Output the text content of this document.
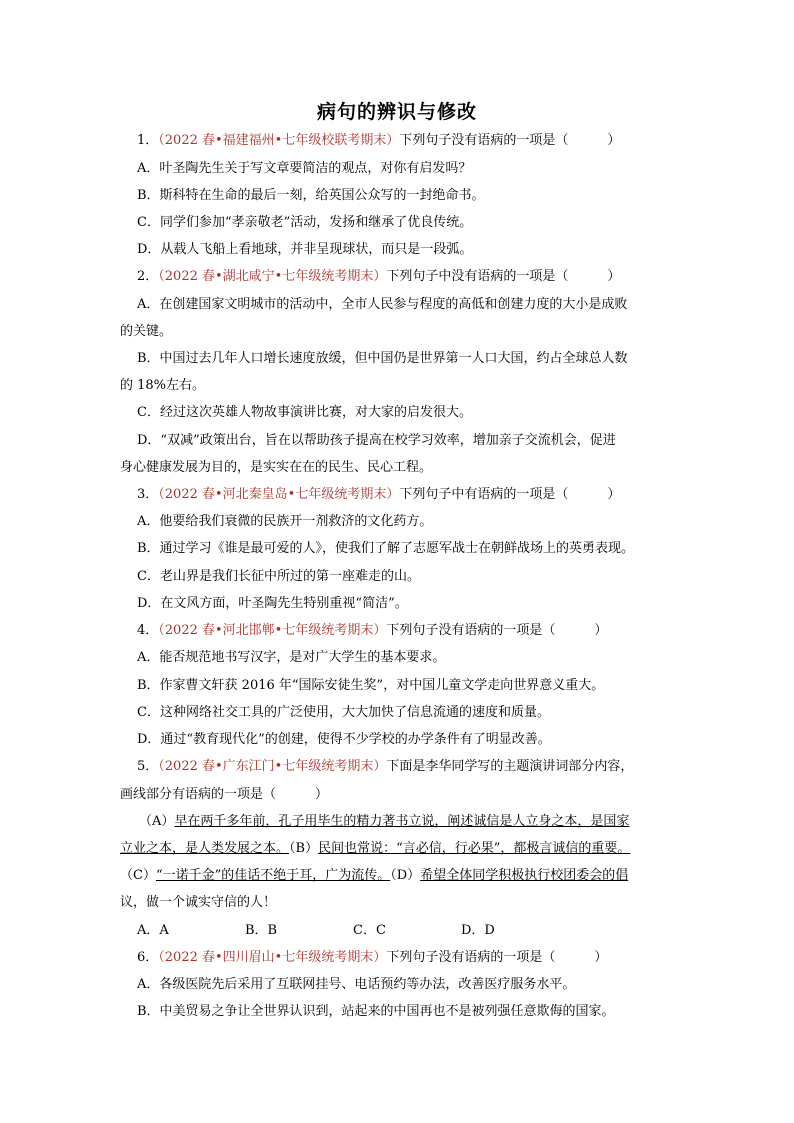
病句的辨识与修改
1．（2022 春•福建福州•七年级校联考期末）下列句子没有语病的一项是（　　　）
A．叶圣陶先生关于写文章要简洁的观点，对你有启发吗？
B．斯科特在生命的最后一刻，给英国公众写的一封绝命书。
C．同学们参加“孝亲敬老”活动，发扬和继承了优良传统。
D．从载人飞船上看地球，并非呈现球状，而只是一段弧。
2．（2022 春•湖北咸宁•七年级统考期末）下列句子中没有语病的一项是（　　　）
A．在创建国家文明城市的活动中，全市人民参与程度的高低和创建力度的大小是成败
的关键。
B．中国过去几年人口增长速度放缓，但中国仍是世界第一人口大国，约占全球总人数
的 18%左右。
C．经过这次英雄人物故事演讲比赛，对大家的启发很大。
D．“双减”政策出台，旨在以帮助孩子提高在校学习效率，增加亲子交流机会，促进
身心健康发展为目的，是实实在在的民生、民心工程。
3．（2022 春•河北秦皇岛•七年级统考期末）下列句子中有语病的一项是（　　　）
A．他要给我们衰微的民族开一剂救济的文化药方。
B．通过学习《谁是最可爱的人》，使我们了解了志愿军战士在朝鲜战场上的英勇表现。
C．老山界是我们长征中所过的第一座难走的山。
D．在文风方面，叶圣陶先生特别重视“简洁”。
4．（2022 春•河北邯郸•七年级统考期末）下列句子没有语病的一项是（　　　）
A．能否规范地书写汉字，是对广大学生的基本要求。
B．作家曹文轩获 2016 年“国际安徒生奖”，对中国儿童文学走向世界意义重大。
C．这种网络社交工具的广泛使用，大大加快了信息流通的速度和质量。
D．通过“教育现代化”的创建，使得不少学校的办学条件有了明显改善。
5．（2022 春•广东江门•七年级统考期末）下面是李华同学写的主题演讲词部分内容，
画线部分有语病的一项是（　　　）
（A）早在两千多年前，孔子用毕生的精力著书立说，阐述诚信是人立身之本，是国家
立业之本，是人类发展之本。（B）民间也常说：“言必信，行必果”，都极言诚信的重要。
（C）“一诺千金”的佳话不绝于耳，广为流传。（D）希望全体同学积极执行校团委会的倡
议，做一个诚实守信的人！
A．A	B．B	C．C	D．D
6．（2022 春•四川眉山•七年级统考期末）下列句子没有语病的一项是（　　　）
A．各级医院先后采用了互联网挂号、电话预约等办法，改善医疗服务水平。
B．中美贸易之争让全世界认识到，站起来的中国再也不是被列强任意欺侮的国家。
